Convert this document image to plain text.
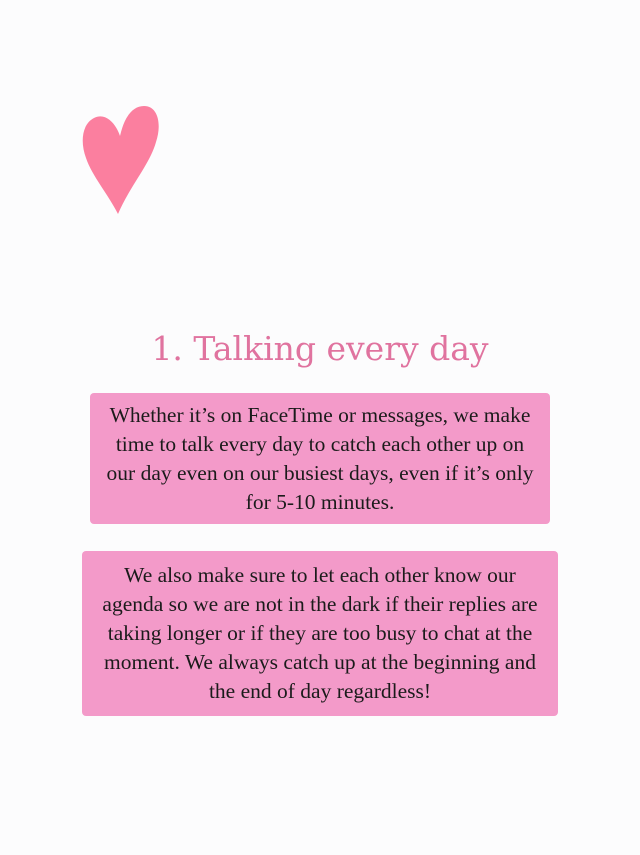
1. Talking every day
Whether it’s on FaceTime or messages, we make time to talk every day to catch each other up on our day even on our busiest days, even if it’s only for 5-10 minutes.
We also make sure to let each other know our agenda so we are not in the dark if their replies are taking longer or if they are too busy to chat at the moment. We always catch up at the beginning and the end of day regardless!
